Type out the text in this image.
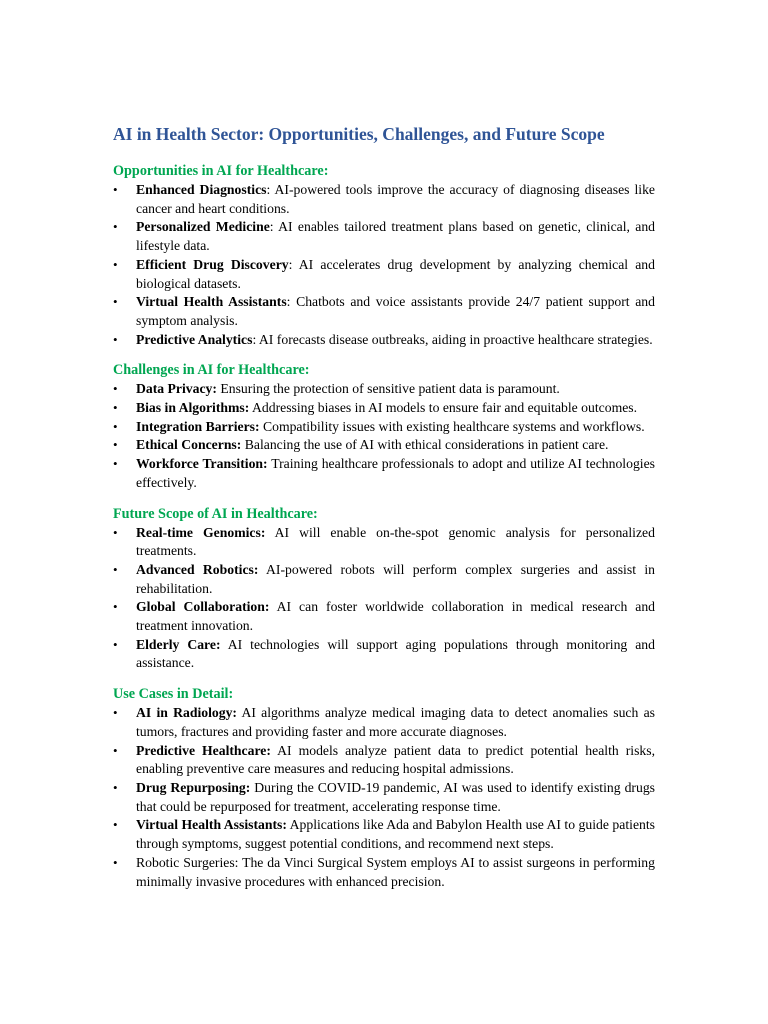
AI in Health Sector: Opportunities, Challenges, and Future Scope
Opportunities in AI for Healthcare:
•	Enhanced Diagnostics: AI-powered tools improve the accuracy of diagnosing diseases like cancer and heart conditions.
•	Personalized Medicine: AI enables tailored treatment plans based on genetic, clinical, and lifestyle data.
•	Efficient Drug Discovery: AI accelerates drug development by analyzing chemical and biological datasets.
•	Virtual Health Assistants: Chatbots and voice assistants provide 24/7 patient support and symptom analysis.
•	Predictive Analytics: AI forecasts disease outbreaks, aiding in proactive healthcare strategies.
Challenges in AI for Healthcare:
•	Data Privacy: Ensuring the protection of sensitive patient data is paramount.
•	Bias in Algorithms: Addressing biases in AI models to ensure fair and equitable outcomes.
•	Integration Barriers: Compatibility issues with existing healthcare systems and workflows.
•	Ethical Concerns: Balancing the use of AI with ethical considerations in patient care.
•	Workforce Transition: Training healthcare professionals to adopt and utilize AI technologies effectively.
Future Scope of AI in Healthcare:
•	Real-time Genomics: AI will enable on-the-spot genomic analysis for personalized treatments.
•	Advanced Robotics: AI-powered robots will perform complex surgeries and assist in rehabilitation.
•	Global Collaboration: AI can foster worldwide collaboration in medical research and treatment innovation.
•	Elderly Care: AI technologies will support aging populations through monitoring and assistance.
Use Cases in Detail:
•	AI in Radiology: AI algorithms analyze medical imaging data to detect anomalies such as tumors, fractures and providing faster and more accurate diagnoses.
•	Predictive Healthcare: AI models analyze patient data to predict potential health risks, enabling preventive care measures and reducing hospital admissions.
•	Drug Repurposing: During the COVID-19 pandemic, AI was used to identify existing drugs that could be repurposed for treatment, accelerating response time.
•	Virtual Health Assistants: Applications like Ada and Babylon Health use AI to guide patients through symptoms, suggest potential conditions, and recommend next steps.
•	Robotic Surgeries: The da Vinci Surgical System employs AI to assist surgeons in performing minimally invasive procedures with enhanced precision.
